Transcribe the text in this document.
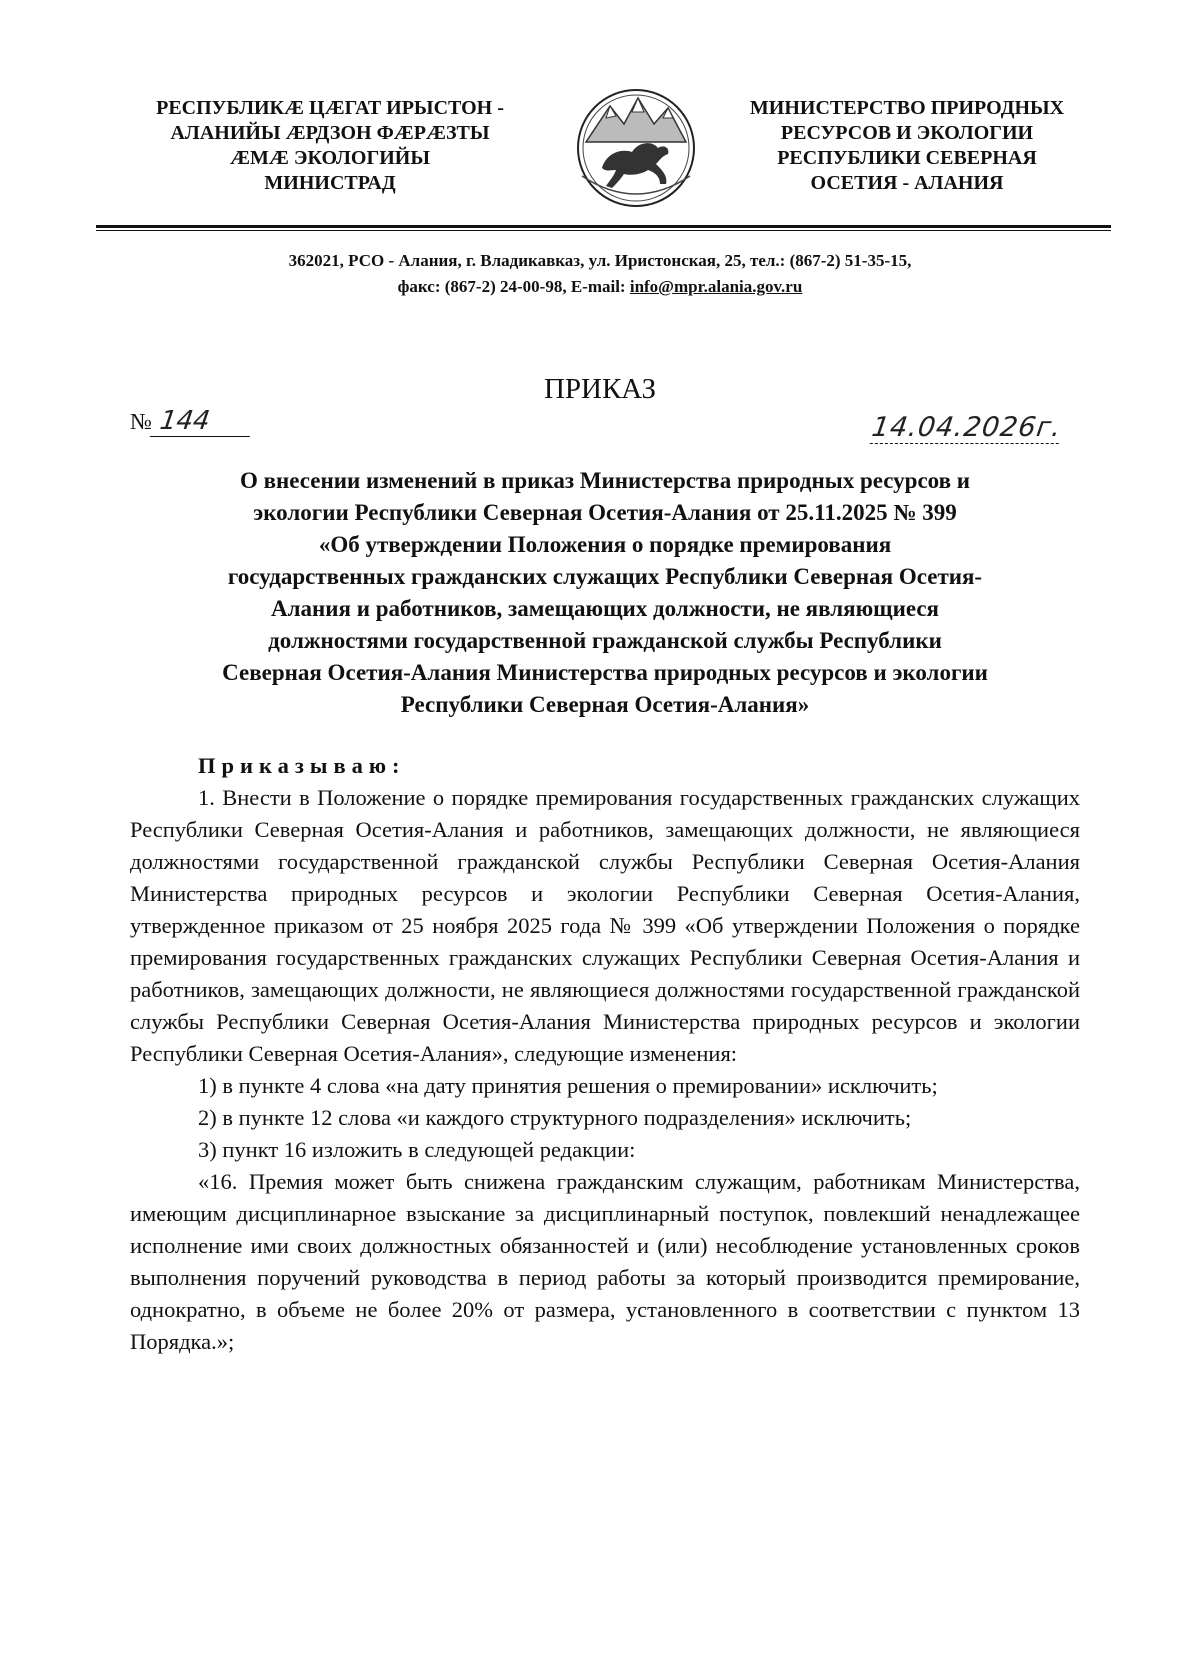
РЕСПУБЛИКÆ ЦÆГАТ ИРЫСТОН -
АЛАНИЙЫ ÆРДЗОН ФÆРÆЗТЫ
ÆМÆ ЭКОЛОГИЙЫ
МИНИСТРАД
МИНИСТЕРСТВО ПРИРОДНЫХ
РЕСУРСОВ И ЭКОЛОГИИ
РЕСПУБЛИКИ СЕВЕРНАЯ
ОСЕТИЯ - АЛАНИЯ
362021, РСО - Алания, г. Владикавказ, ул. Иристонская, 25, тел.: (867-2) 51-35-15,
факс: (867-2) 24-00-98, E-mail: info@mpr.alania.gov.ru
ПРИКАЗ
№ 144	14.04.2026г.
О внесении изменений в приказ Министерства природных ресурсов и
экологии Республики Северная Осетия-Алания от 25.11.2025 № 399
«Об утверждении Положения о порядке премирования
государственных гражданских служащих Республики Северная Осетия-
Алания и работников, замещающих должности, не являющиеся
должностями государственной гражданской службы Республики
Северная Осетия-Алания Министерства природных ресурсов и экологии
Республики Северная Осетия-Алания»

Приказываю:

1. Внести в Положение о порядке премирования государственных гражданских служащих Республики Северная Осетия-Алания и работников, замещающих должности, не являющиеся должностями государственной гражданской службы Республики Северная Осетия-Алания Министерства природных ресурсов и экологии Республики Северная Осетия-Алания, утвержденное приказом от 25 ноября 2025 года № 399 «Об утверждении Положения о порядке премирования государственных гражданских служащих Республики Северная Осетия-Алания и работников, замещающих должности, не являющиеся должностями государственной гражданской службы Республики Северная Осетия-Алания Министерства природных ресурсов и экологии Республики Северная Осетия-Алания», следующие изменения:

1) в пункте 4 слова «на дату принятия решения о премировании» исключить;

2) в пункте 12 слова «и каждого структурного подразделения» исключить;

3) пункт 16 изложить в следующей редакции:

«16. Премия может быть снижена гражданским служащим, работникам Министерства, имеющим дисциплинарное взыскание за дисциплинарный поступок, повлекший ненадлежащее исполнение ими своих должностных обязанностей и (или) несоблюдение установленных сроков выполнения поручений руководства в период работы за который производится премирование, однократно, в объеме не более 20% от размера, установленного в соответствии с пунктом 13 Порядка.»;
